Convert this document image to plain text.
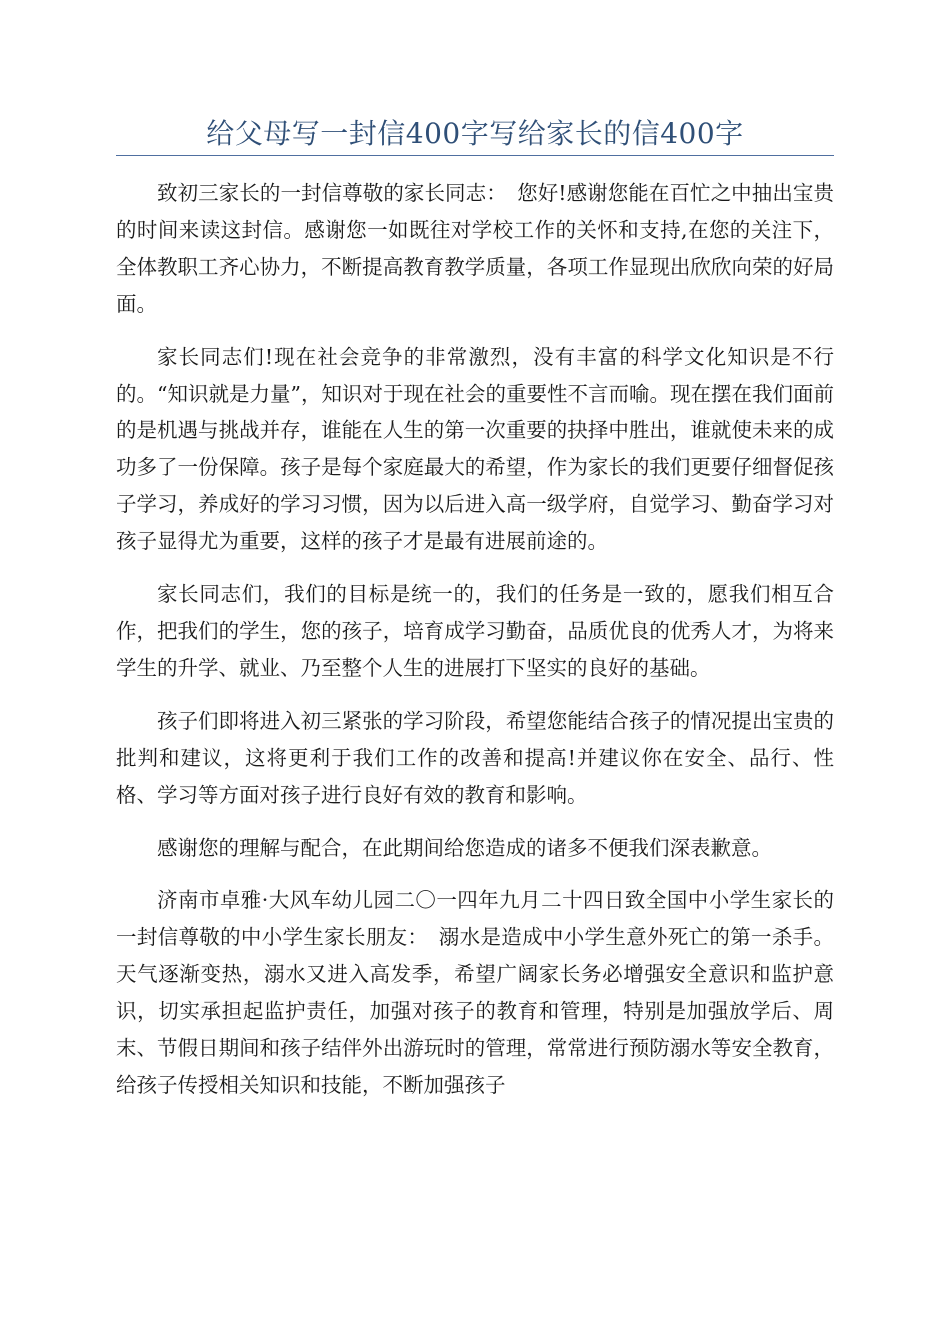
给父母写一封信400字写给家长的信400字

致初三家长的一封信尊敬的家长同志：　您好!感谢您能在百忙之中抽出宝贵的时间来读这封信。感谢您一如既往对学校工作的关怀和支持,在您的关注下，全体教职工齐心协力，不断提高教育教学质量，各项工作显现出欣欣向荣的好局面。

家长同志们!现在社会竞争的非常激烈，没有丰富的科学文化知识是不行的。“知识就是力量”，知识对于现在社会的重要性不言而喻。现在摆在我们面前的是机遇与挑战并存，谁能在人生的第一次重要的抉择中胜出，谁就使未来的成功多了一份保障。孩子是每个家庭最大的希望，作为家长的我们更要仔细督促孩子学习，养成好的学习习惯，因为以后进入高一级学府，自觉学习、勤奋学习对孩子显得尤为重要，这样的孩子才是最有进展前途的。

家长同志们，我们的目标是统一的，我们的任务是一致的，愿我们相互合作，把我们的学生，您的孩子，培育成学习勤奋，品质优良的优秀人才，为将来学生的升学、就业、乃至整个人生的进展打下坚实的良好的基础。

孩子们即将进入初三紧张的学习阶段，希望您能结合孩子的情况提出宝贵的批判和建议，这将更利于我们工作的改善和提高!并建议你在安全、品行、性格、学习等方面对孩子进行良好有效的教育和影响。

感谢您的理解与配合，在此期间给您造成的诸多不便我们深表歉意。

济南市卓雅·大风车幼儿园二〇一四年九月二十四日致全国中小学生家长的一封信尊敬的中小学生家长朋友：　溺水是造成中小学生意外死亡的第一杀手。天气逐渐变热，溺水又进入高发季，希望广阔家长务必增强安全意识和监护意识，切实承担起监护责任，加强对孩子的教育和管理，特别是加强放学后、周末、节假日期间和孩子结伴外出游玩时的管理，常常进行预防溺水等安全教育，给孩子传授相关知识和技能，不断加强孩子
